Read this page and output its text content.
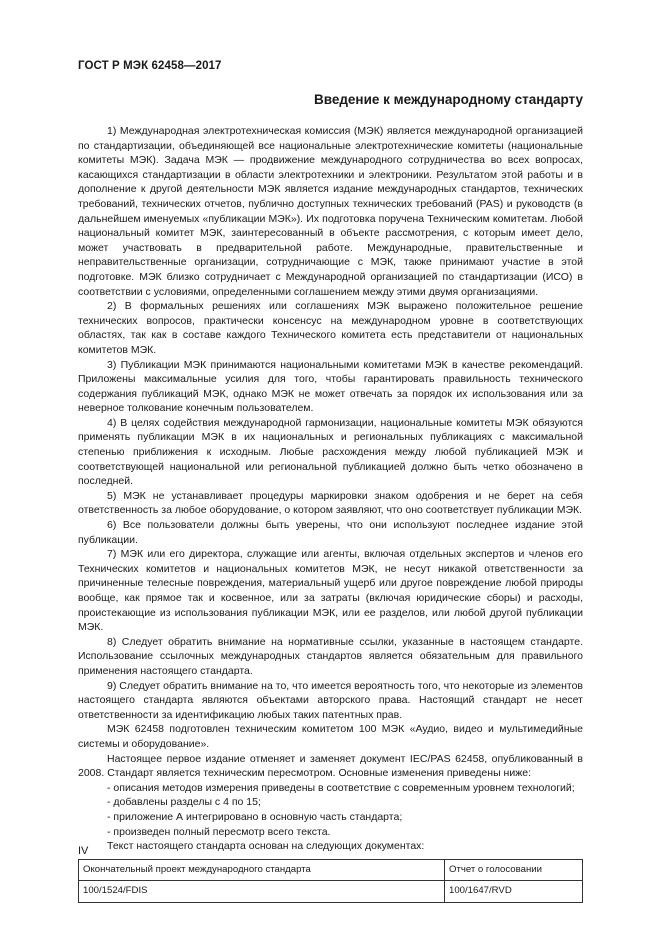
ГОСТ Р МЭК 62458—2017
Введение к международному стандарту

1) Международная электротехническая комиссия (МЭК) является международной организацией по стандартизации, объединяющей все национальные электротехнические комитеты (национальные комитеты МЭК). Задача МЭК — продвижение международного сотрудничества во всех вопросах, касающихся стандартизации в области электротехники и электроники. Результатом этой работы и в дополнение к другой деятельности МЭК является издание международных стандартов, технических требований, технических отчетов, публично доступных технических требований (PAS) и руководств (в дальнейшем именуемых «публикации МЭК»). Их подготовка поручена Техническим комитетам. Любой национальный комитет МЭК, заинтересованный в объекте рассмотрения, с которым имеет дело, может участвовать в предварительной работе. Международные, правительственные и неправительственные организации, сотрудничающие с МЭК, также принимают участие в этой подготовке. МЭК близко сотрудничает с Международной организацией по стандартизации (ИСО) в соответствии с условиями, определенными соглашением между этими двумя организациями.

2) В формальных решениях или соглашениях МЭК выражено положительное решение технических вопросов, практически консенсус на международном уровне в соответствующих областях, так как в составе каждого Технического комитета есть представители от национальных комитетов МЭК.

3) Публикации МЭК принимаются национальными комитетами МЭК в качестве рекомендаций. Приложены максимальные усилия для того, чтобы гарантировать правильность технического содержания публикаций МЭК, однако МЭК не может отвечать за порядок их использования или за неверное толкование конечным пользователем.

4) В целях содействия международной гармонизации, национальные комитеты МЭК обязуются применять публикации МЭК в их национальных и региональных публикациях с максимальной степенью приближения к исходным. Любые расхождения между любой публикацией МЭК и соответствующей национальной или региональной публикацией должно быть четко обозначено в последней.

5) МЭК не устанавливает процедуры маркировки знаком одобрения и не берет на себя ответственность за любое оборудование, о котором заявляют, что оно соответствует публикации МЭК.

6) Все пользователи должны быть уверены, что они используют последнее издание этой публикации.

7) МЭК или его директора, служащие или агенты, включая отдельных экспертов и членов его Технических комитетов и национальных комитетов МЭК, не несут никакой ответственности за причиненные телесные повреждения, материальный ущерб или другое повреждение любой природы вообще, как прямое так и косвенное, или за затраты (включая юридические сборы) и расходы, проистекающие из использования публикации МЭК, или ее разделов, или любой другой публикации МЭК.

8) Следует обратить внимание на нормативные ссылки, указанные в настоящем стандарте. Использование ссылочных международных стандартов является обязательным для правильного применения настоящего стандарта.

9) Следует обратить внимание на то, что имеется вероятность того, что некоторые из элементов настоящего стандарта являются объектами авторского права. Настоящий стандарт не несет ответственности за идентификацию любых таких патентных прав.

МЭК 62458 подготовлен техническим комитетом 100 МЭК «Аудио, видео и мультимедийные системы и оборудование».

Настоящее первое издание отменяет и заменяет документ IEC/PAS 62458, опубликованный в 2008. Стандарт является техническим пересмотром. Основные изменения приведены ниже:

- описания методов измерения приведены в соответствие с современным уровнем технологий;

- добавлены разделы с 4 по 15;

- приложение А интегрировано в основную часть стандарта;

- произведен полный пересмотр всего текста.

Текст настоящего стандарта основан на следующих документах:

Окончательный проект международного стандарта	Отчет о голосовании
100/1524/FDIS	100/1647/RVD
IV
